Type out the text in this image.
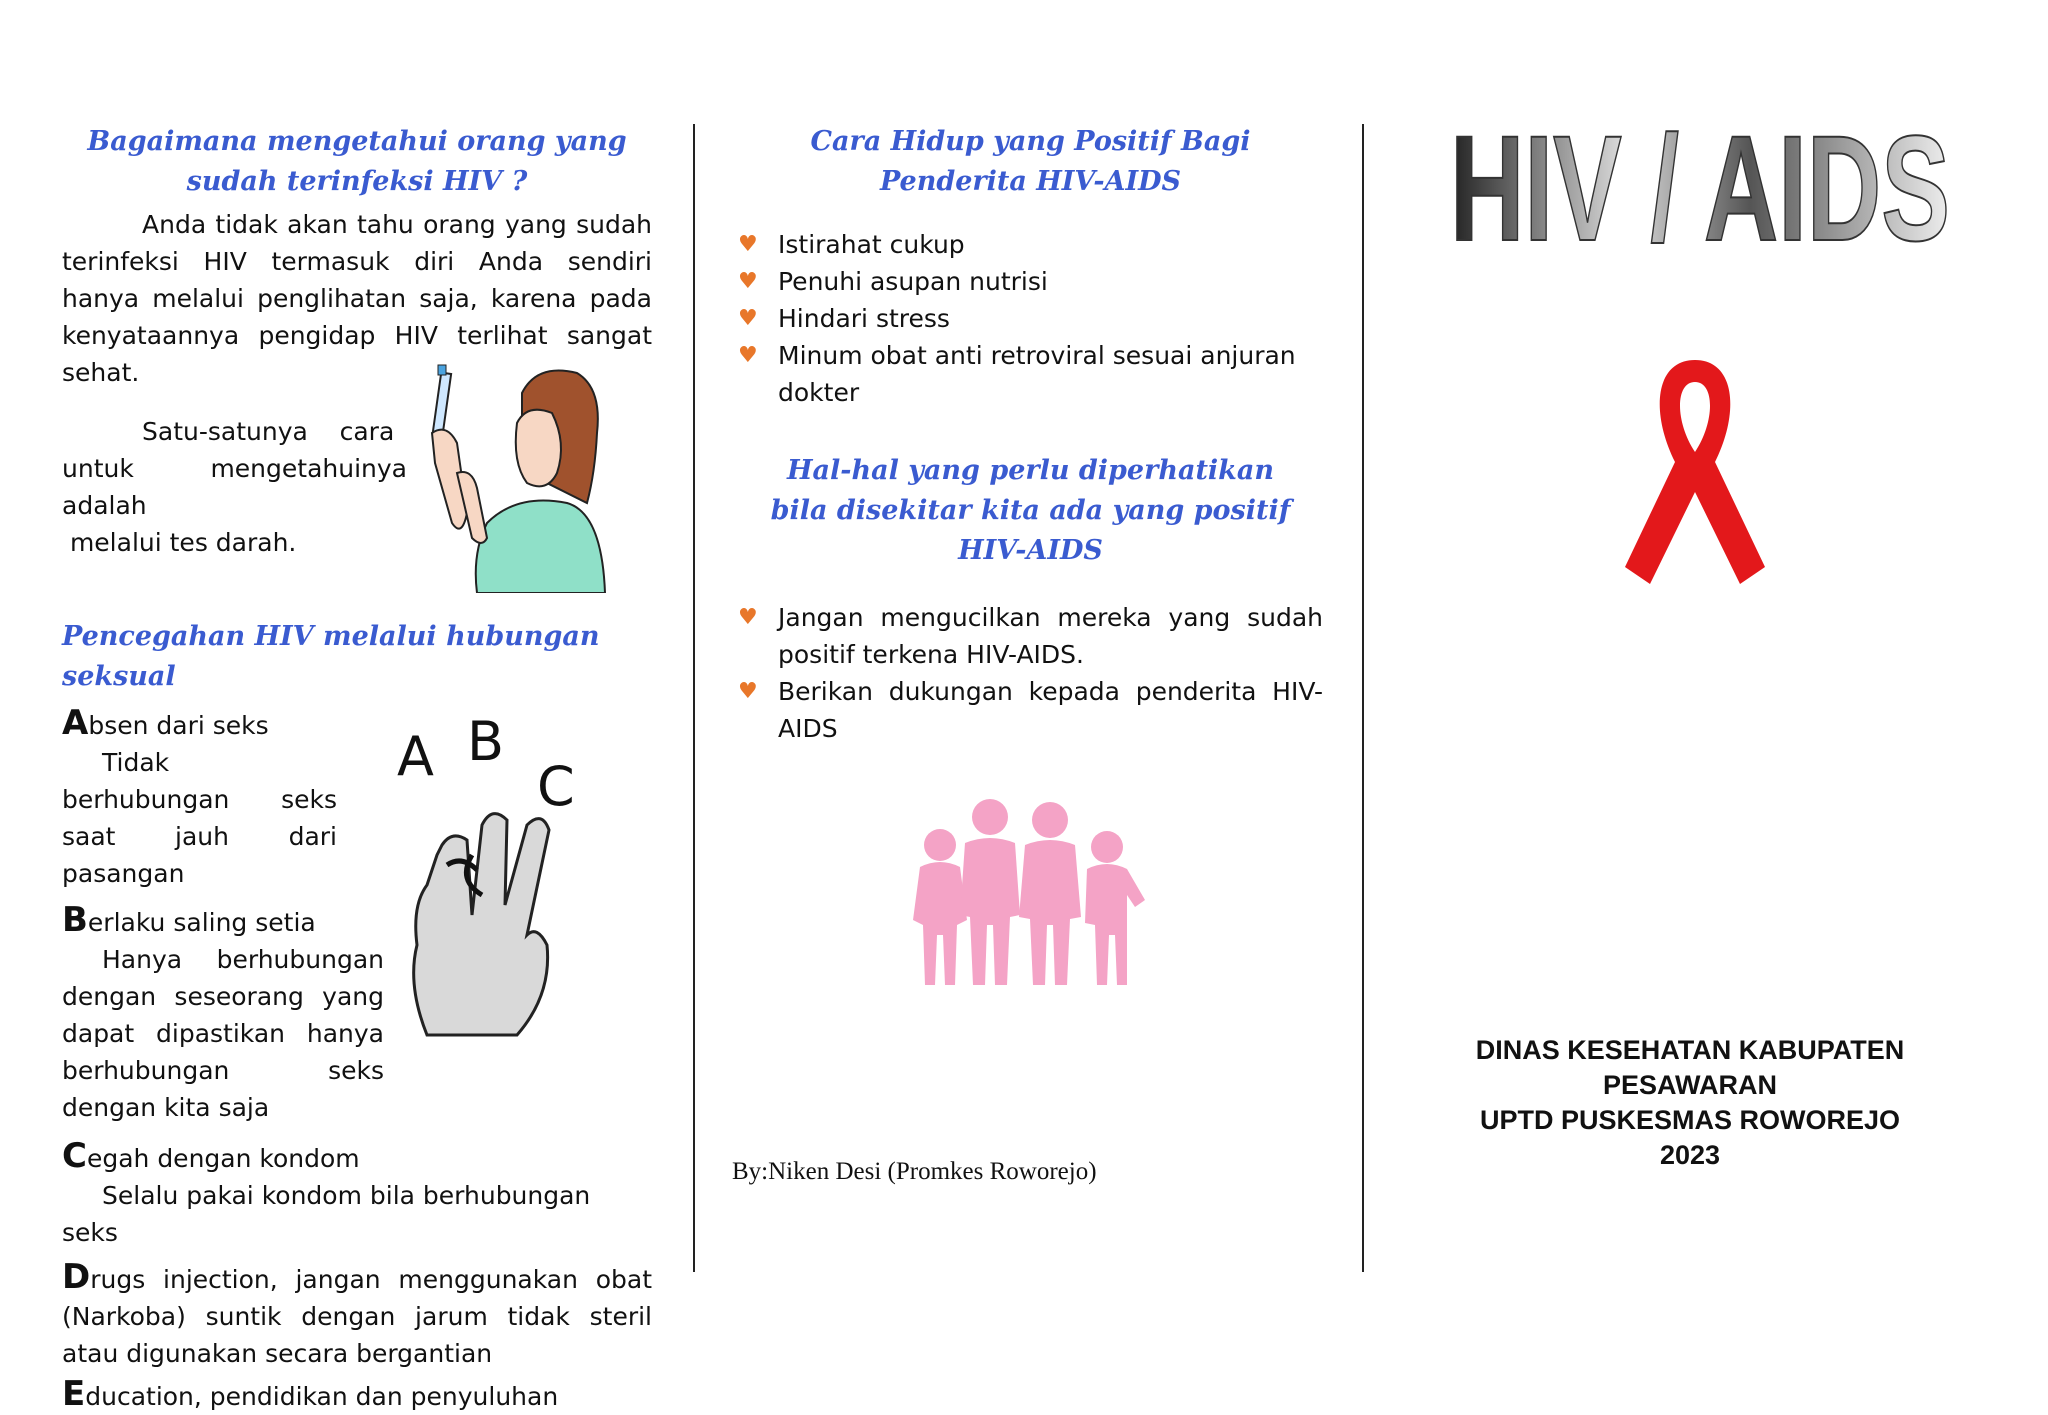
Bagaimana mengetahui orang yang sudah terinfeksi HIV ?

Anda tidak akan tahu orang yang sudah terinfeksi HIV termasuk diri Anda sendiri hanya melalui penglihatan saja, karena pada kenyataannya pengidap HIV terlihat sangat sehat.

Satu-satunya    cara

untuk mengetahuinya adalah

melalui tes darah.

Pencegahan HIV melalui hubungan seksual
A B
C

Absen dari seks

Tidak berhubungan seks saat jauh dari pasangan

Berlaku saling setia

Hanya berhubungan dengan seseorang yang dapat dipastikan hanya berhubungan seks dengan kita saja

Cegah dengan kondom

Selalu pakai kondom bila berhubungan seks

Drugs injection, jangan menggunakan obat (Narkoba) suntik dengan jarum tidak steril atau digunakan secara bergantian

Education, pendidikan dan penyuluhan

Cara Hidup yang Positif Bagi Penderita HIV-AIDS
♥ Istirahat cukup
♥ Penuhi asupan nutrisi
♥ Hindari stress
♥ Minum obat anti retroviral sesuai anjuran dokter
Hal-hal yang perlu diperhatikan bila disekitar kita ada yang positif HIV-AIDS
♥ Jangan mengucilkan mereka yang sudah positif terkena HIV-AIDS.
♥ Berikan dukungan kepada penderita HIV-AIDS
By:Niken Desi (Promkes Roworejo)
HIV / AIDS
DINAS KESEHATAN KABUPATEN PESAWARAN
UPTD PUSKESMAS ROWOREJO
2023
